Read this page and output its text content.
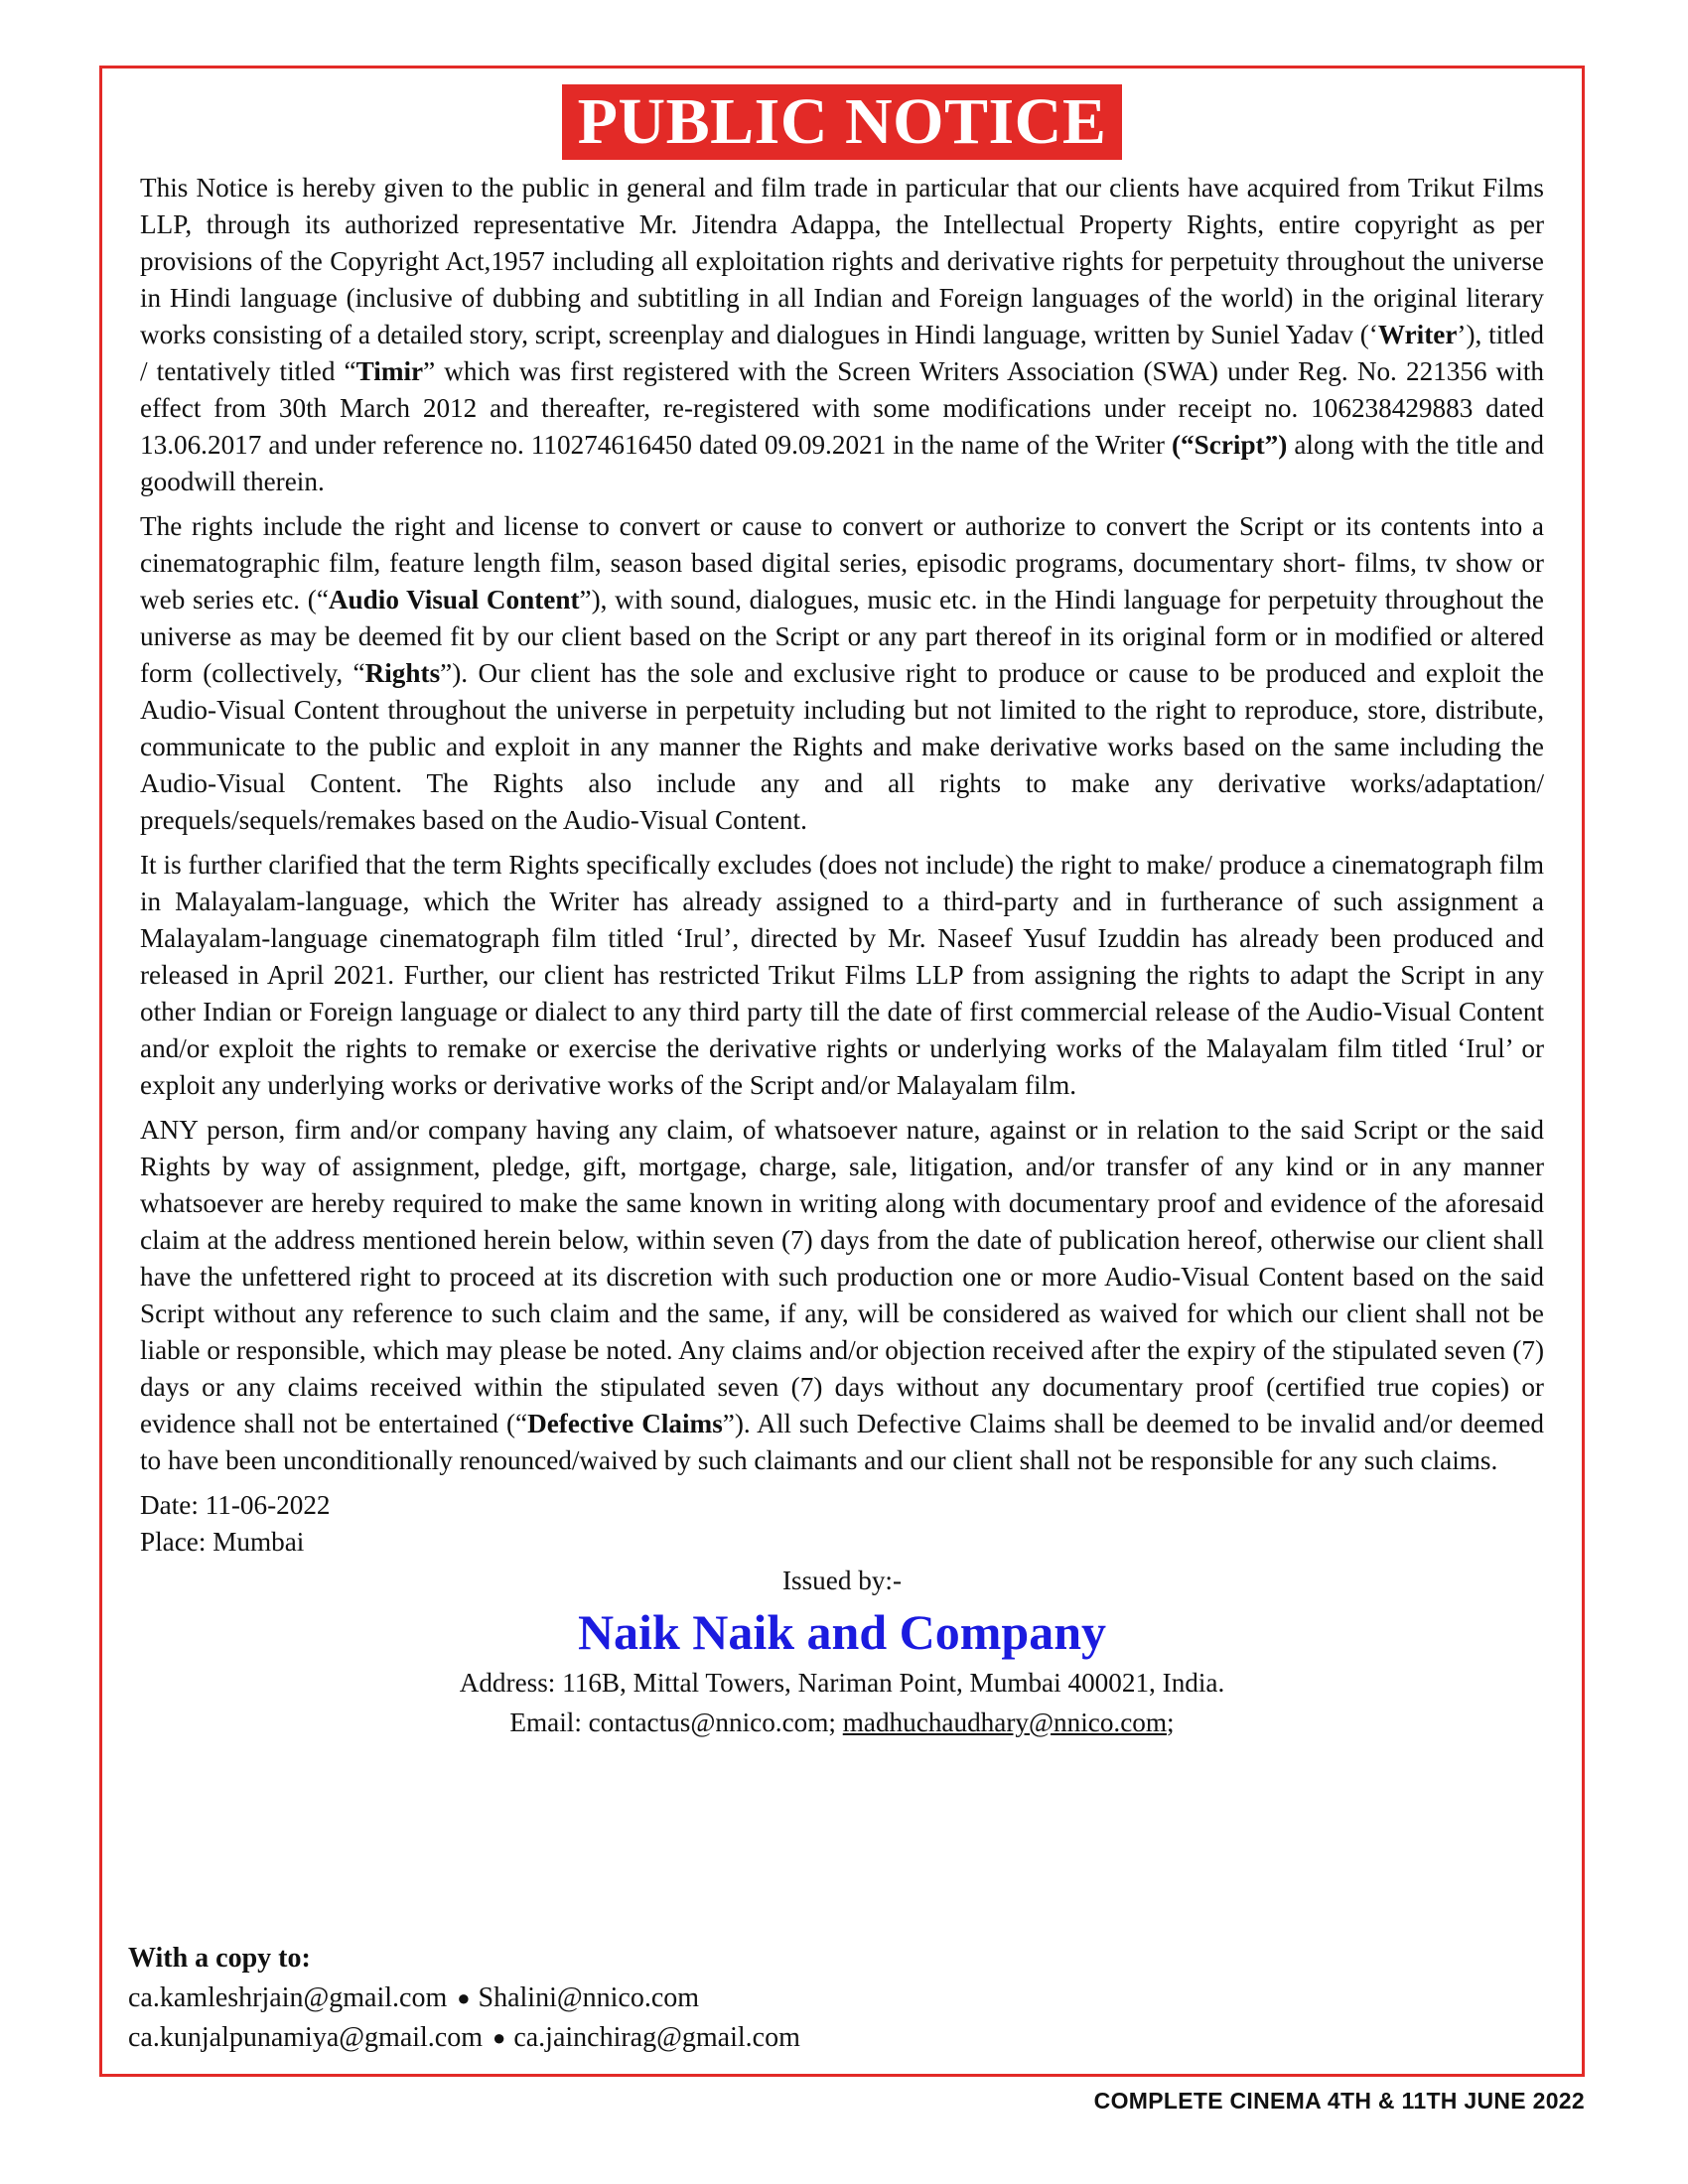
PUBLIC NOTICE

This Notice is hereby given to the public in general and film trade in particular that our clients have acquired from Trikut Films LLP, through its authorized representative Mr. Jitendra Adappa, the Intellectual Property Rights, entire copyright as per provisions of the Copyright Act,1957 including all exploitation rights and derivative rights for perpetuity throughout the universe in Hindi language (inclusive of dubbing and subtitling in all Indian and Foreign languages of the world) in the original literary works consisting of a detailed story, script, screenplay and dialogues in Hindi language, written by Suniel Yadav (‘Writer’), titled / tentatively titled “Timir” which was first registered with the Screen Writers Association (SWA) under Reg. No. 221356 with effect from 30th March 2012 and thereafter, re-registered with some modifications under receipt no. 106238429883 dated 13.06.2017 and under reference no. 110274616450 dated 09.09.2021 in the name of the Writer (“Script”) along with the title and goodwill therein.

The rights include the right and license to convert or cause to convert or authorize to convert the Script or its contents into a cinematographic film, feature length film, season based digital series, episodic programs, documentary short- films, tv show or web series etc. (“Audio Visual Content”), with sound, dialogues, music etc. in the Hindi language for perpetuity throughout the universe as may be deemed fit by our client based on the Script or any part thereof in its original form or in modified or altered form (collectively, “Rights”). Our client has the sole and exclusive right to produce or cause to be produced and exploit the Audio-Visual Content throughout the universe in perpetuity including but not limited to the right to reproduce, store, distribute, communicate to the public and exploit in any manner the Rights and make derivative works based on the same including the Audio-Visual Content. The Rights also include any and all rights to make any derivative works/adaptation/ prequels/sequels/remakes based on the Audio-Visual Content.

It is further clarified that the term Rights specifically excludes (does not include) the right to make/ produce a cinematograph film in Malayalam-language, which the Writer has already assigned to a third-party and in furtherance of such assignment a Malayalam-language cinematograph film titled ‘Irul’, directed by Mr. Naseef Yusuf Izuddin has already been produced and released in April 2021. Further, our client has restricted Trikut Films LLP from assigning the rights to adapt the Script in any other Indian or Foreign language or dialect to any third party till the date of first commercial release of the Audio-Visual Content and/or exploit the rights to remake or exercise the derivative rights or underlying works of the Malayalam film titled ‘Irul’ or exploit any underlying works or derivative works of the Script and/or Malayalam film.

ANY person, firm and/or company having any claim, of whatsoever nature, against or in relation to the said Script or the said Rights by way of assignment, pledge, gift, mortgage, charge, sale, litigation, and/or transfer of any kind or in any manner whatsoever are hereby required to make the same known in writing along with documentary proof and evidence of the aforesaid claim at the address mentioned herein below, within seven (7) days from the date of publication hereof, otherwise our client shall have the unfettered right to proceed at its discretion with such production one or more Audio-Visual Content based on the said Script without any reference to such claim and the same, if any, will be considered as waived for which our client shall not be liable or responsible, which may please be noted. Any claims and/or objection received after the expiry of the stipulated seven (7) days or any claims received within the stipulated seven (7) days without any documentary proof (certified true copies) or evidence shall not be entertained (“Defective Claims”). All such Defective Claims shall be deemed to be invalid and/or deemed to have been unconditionally renounced/waived by such claimants and our client shall not be responsible for any such claims.

Date: 11-06-2022
Place: Mumbai
Issued by:-
Naik Naik and Company
Address: 116B, Mittal Towers, Nariman Point, Mumbai 400021, India.
Email: contactus@nnico.com; madhuchaudhary@nnico.com;
With a copy to:
ca.kamleshrjain@gmail.com ● Shalini@nnico.com
ca.kunjalpunamiya@gmail.com ● ca.jainchirag@gmail.com
COMPLETE CINEMA 4TH & 11TH JUNE 2022
